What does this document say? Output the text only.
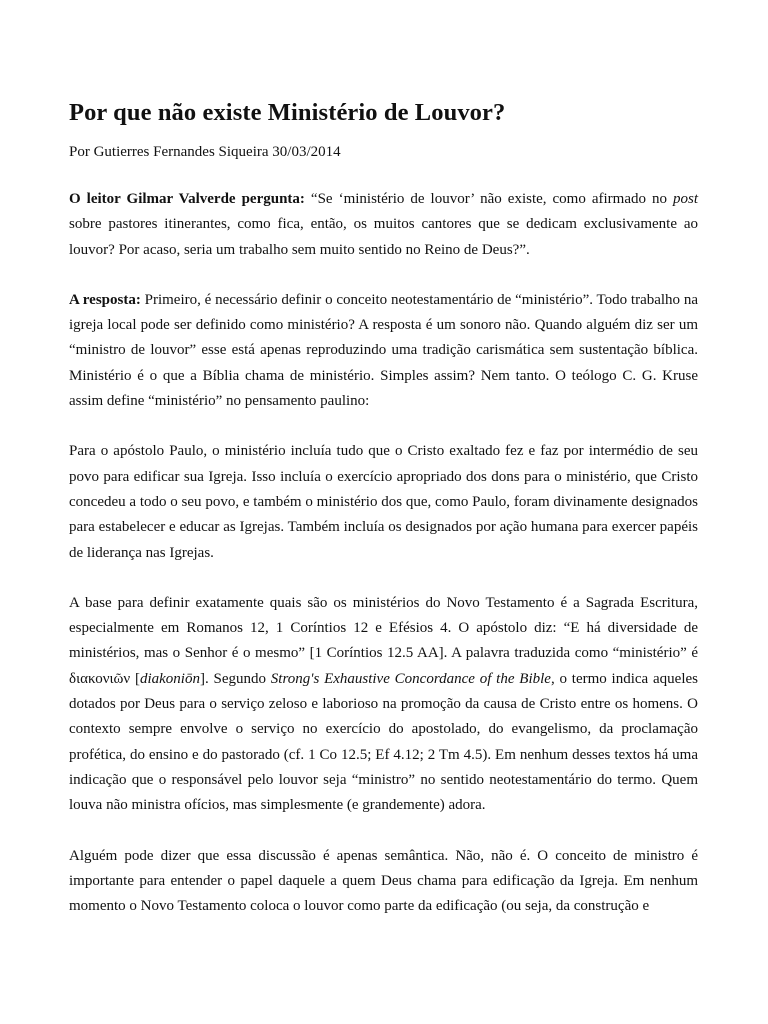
Por que não existe Ministério de Louvor?
Por Gutierres Fernandes Siqueira 30/03/2014

O leitor Gilmar Valverde pergunta: “Se ‘ministério de louvor’ não existe, como afirmado no post sobre pastores itinerantes, como fica, então, os muitos cantores que se dedicam exclusivamente ao louvor? Por acaso, seria um trabalho sem muito sentido no Reino de Deus?”.

A resposta: Primeiro, é necessário definir o conceito neotestamentário de “ministério”. Todo trabalho na igreja local pode ser definido como ministério? A resposta é um sonoro não. Quando alguém diz ser um “ministro de louvor” esse está apenas reproduzindo uma tradição carismática sem sustentação bíblica. Ministério é o que a Bíblia chama de ministério. Simples assim? Nem tanto. O teólogo C. G. Kruse assim define “ministério” no pensamento paulino:

Para o apóstolo Paulo, o ministério incluía tudo que o Cristo exaltado fez e faz por intermédio de seu povo para edificar sua Igreja. Isso incluía o exercício apropriado dos dons para o ministério, que Cristo concedeu a todo o seu povo, e também o ministério dos que, como Paulo, foram divinamente designados para estabelecer e educar as Igrejas. Também incluía os designados por ação humana para exercer papéis de liderança nas Igrejas.

A base para definir exatamente quais são os ministérios do Novo Testamento é a Sagrada Escritura, especialmente em Romanos 12, 1 Coríntios 12 e Efésios 4. O apóstolo diz: “E há diversidade de ministérios, mas o Senhor é o mesmo” [1 Coríntios 12.5 AA]. A palavra traduzida como “ministério” é διακονιῶν [diakoniōn]. Segundo Strong's Exhaustive Concordance of the Bible, o termo indica aqueles dotados por Deus para o serviço zeloso e laborioso na promoção da causa de Cristo entre os homens. O contexto sempre envolve o serviço no exercício do apostolado, do evangelismo, da proclamação profética, do ensino e do pastorado (cf. 1 Co 12.5; Ef 4.12; 2 Tm 4.5). Em nenhum desses textos há uma indicação que o responsável pelo louvor seja “ministro” no sentido neotestamentário do termo. Quem louva não ministra ofícios, mas simplesmente (e grandemente) adora.

Alguém pode dizer que essa discussão é apenas semântica. Não, não é. O conceito de ministro é importante para entender o papel daquele a quem Deus chama para edificação da Igreja. Em nenhum momento o Novo Testamento coloca o louvor como parte da edificação (ou seja, da construção e
